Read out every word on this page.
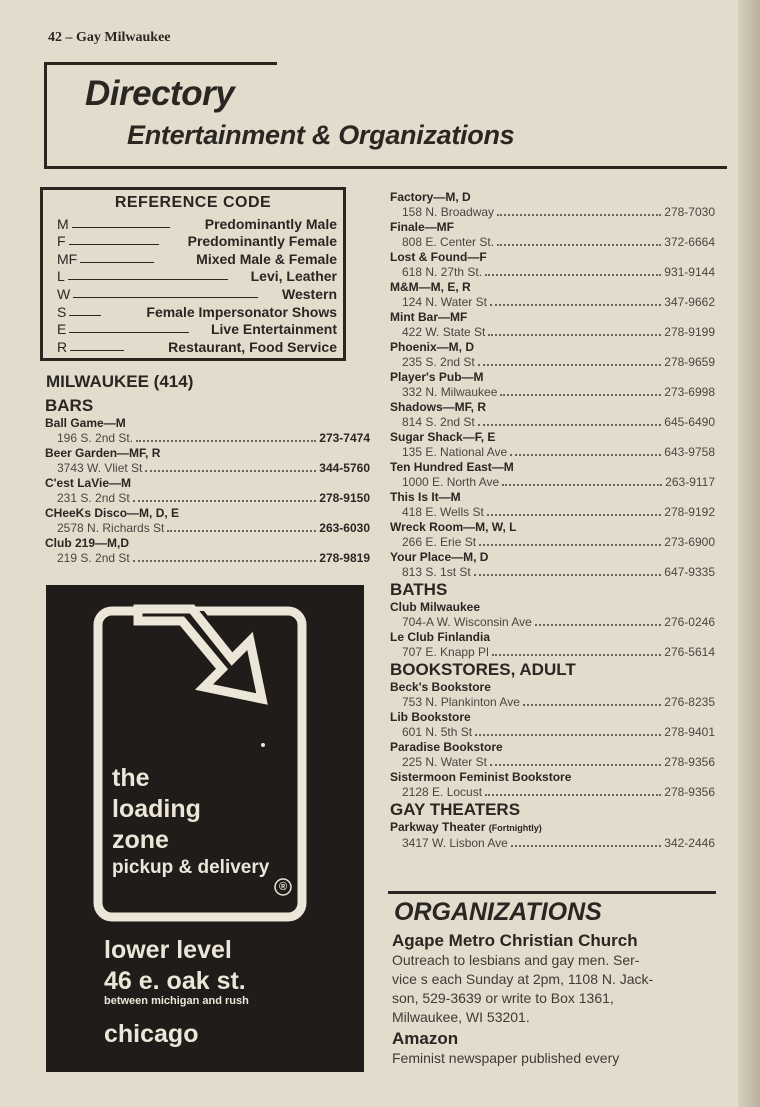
42 – Gay Milwaukee
Directory
Entertainment & Organizations
REFERENCE CODE
M	Predominantly Male
F	Predominantly Female
MF	Mixed Male & Female
L	Levi, Leather
W	Western
S	Female Impersonator Shows
E	Live Entertainment
R	Restaurant, Food Service
MILWAUKEE (414)
BARS
Ball Game—M
196 S. 2nd St.	273-7474
Beer Garden—MF, R
3743 W. Vliet St	344-5760
C'est LaVie—M
231 S. 2nd St	278-9150
CHeeKs Disco—M, D, E
2578 N. Richards St	263-6030
Club 219—M,D
219 S. 2nd St	278-9819
the
loading
zone
pickup & delivery
®
lower level
46 e. oak st.
between michigan and rush
chicago
Factory—M, D
158 N. Broadway	278-7030
Finale—MF
808 E. Center St.	372-6664
Lost & Found—F
618 N. 27th St.	931-9144
M&M—M, E, R
124 N. Water St	347-9662
Mint Bar—MF
422 W. State St	278-9199
Phoenix—M, D
235 S. 2nd St	278-9659
Player's Pub—M
332 N. Milwaukee	273-6998
Shadows—MF, R
814 S. 2nd St	645-6490
Sugar Shack—F, E
135 E. National Ave	643-9758
Ten Hundred East—M
1000 E. North Ave	263-9117
This Is It—M
418 E. Wells St	278-9192
Wreck Room—M, W, L
266 E. Erie St	273-6900
Your Place—M, D
813 S. 1st St	647-9335
BATHS
Club Milwaukee
704-A W. Wisconsin Ave	276-0246
Le Club Finlandia
707 E. Knapp Pl	276-5614
BOOKSTORES, ADULT
Beck's Bookstore
753 N. Plankinton Ave	276-8235
Lib Bookstore
601 N. 5th St	278-9401
Paradise Bookstore
225 N. Water St	278-9356
Sistermoon Feminist Bookstore
2128 E. Locust	278-9356
GAY THEATERS
Parkway Theater (Fortnightly)
3417 W. Lisbon Ave	342-2446
ORGANIZATIONS
Agape Metro Christian Church
Outreach to lesbians and gay men. Ser-
vice s each Sunday at 2pm, 1108 N. Jack-
son, 529-3639 or write to Box 1361,
Milwaukee, WI 53201.
Amazon
Feminist newspaper published every
